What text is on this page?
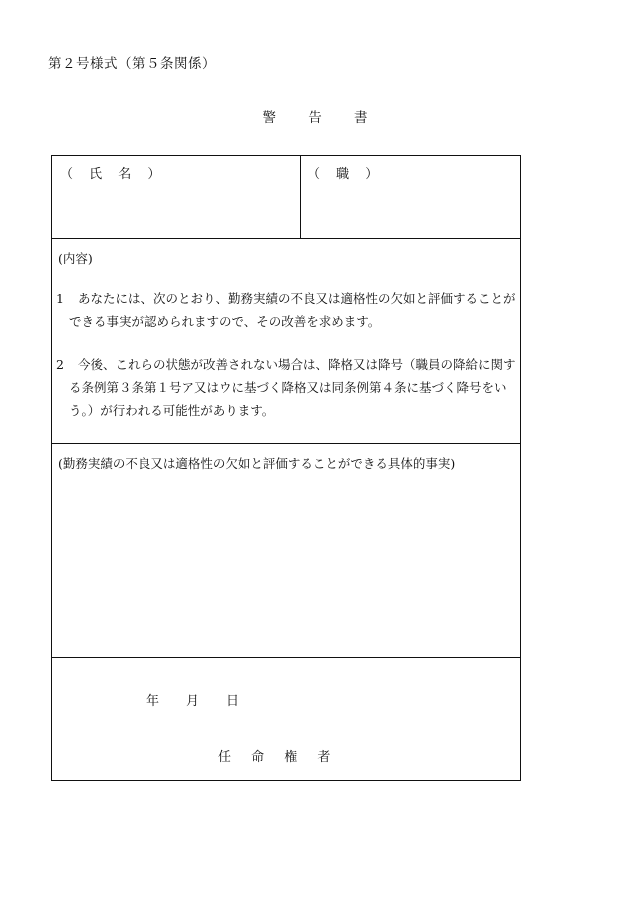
第２号様式（第５条関係）
警 告 書
（ 氏 名 ）	（ 職 ）
(内容)
1 あなたには、次のとおり、勤務実績の不良又は適格性の欠如と評価することが
できる事実が認められますので、その改善を求めます。
2 今後、これらの状態が改善されない場合は、降格又は降号（職員の降給に関す
る条例第３条第１号ア又はウに基づく降格又は同条例第４条に基づく降号をい
う。）が行われる可能性があります。
(勤務実績の不良又は適格性の欠如と評価することができる具体的事実)
年 月 日
任 命 権 者
